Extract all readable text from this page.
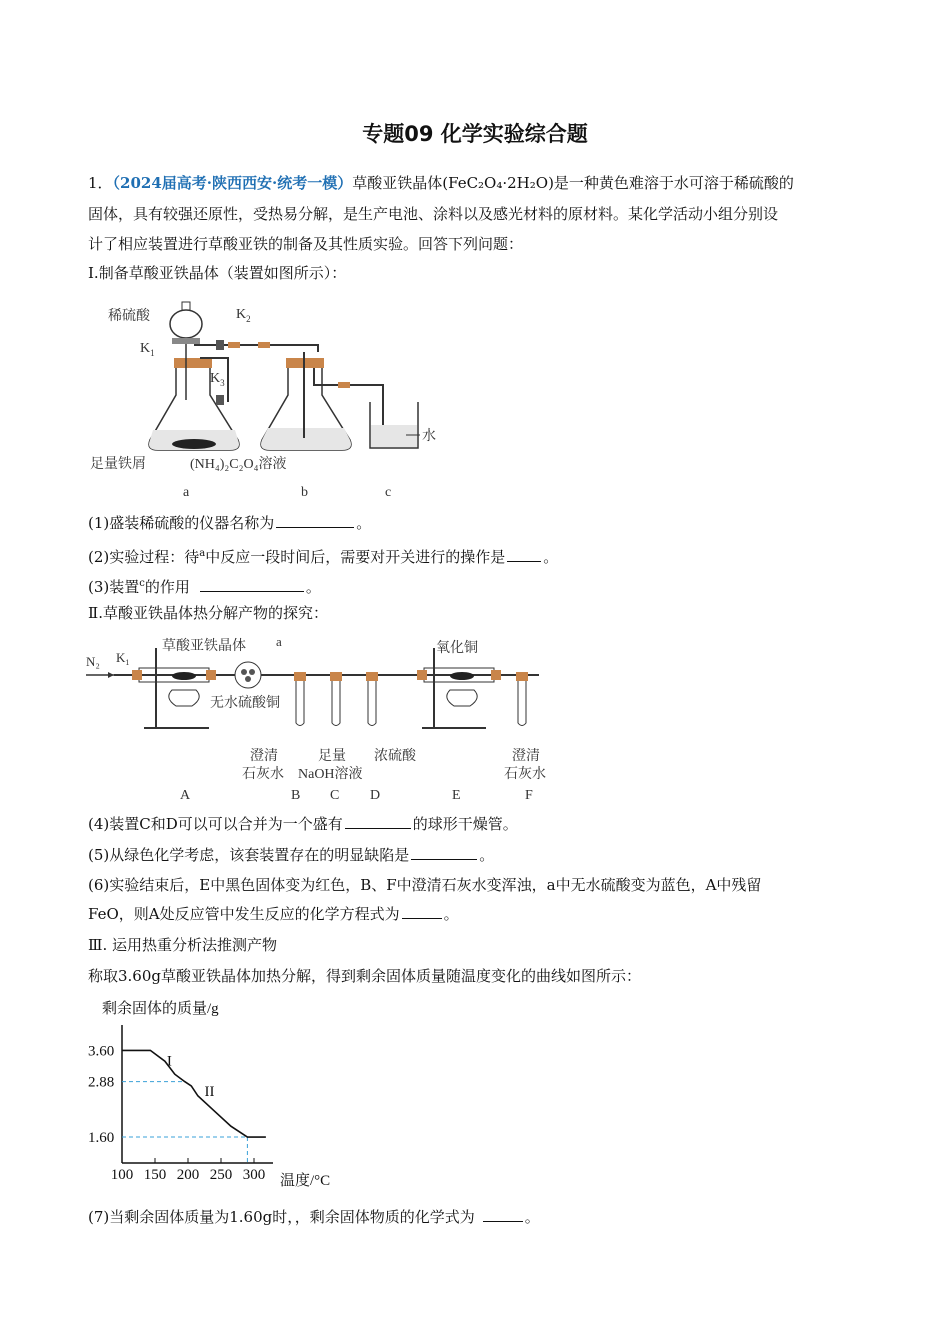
专题09 化学实验综合题
1．（2024届高考·陕西西安·统考一模）草酸亚铁晶体(FeC₂O₄·2H₂O)是一种黄色难溶于水可溶于稀硫酸的
固体，具有较强还原性，受热易分解，是生产电池、涂料以及感光材料的原材料。某化学活动小组分别设
计了相应装置进行草酸亚铁的制备及其性质实验。回答下列问题：
I.制备草酸亚铁晶体（装置如图所示）：
稀硫酸	$K_2$
$K_1$
$K_3$
足量铁屑	(NH₄)₂C₂O₄溶液
水
a	b	c
(1)盛装稀硫酸的仪器名称为	。
(2)实验过程：待$^a$中反应一段时间后，需要对开关进行的操作是	。
(3)装置$^c$的作用	。
Ⅱ.草酸亚铁晶体热分解产物的探究：
N₂ $K_1$
草酸亚铁晶体 a
无水硫酸铜
氧化铜
澄清
石灰水
足量
NaOH溶液
浓硫酸	澄清
石灰水
A	B C D	E	F
(4)装置C和D可以可以合并为一个盛有	的球形干燥管。
(5)从绿色化学考虑，该套装置存在的明显缺陷是	。
(6)实验结束后，E中黑色固体变为红色，B、F中澄清石灰水变浑浊，a中无水硫酸变为蓝色，A中残留
FeO，则A处反应管中发生反应的化学方程式为	。
Ⅲ. 运用热重分析法推测产物
称取3.60g草酸亚铁晶体加热分解，得到剩余固体质量随温度变化的曲线如图所示：
剩余固体的质量/g
温度/°C
100 150 200 250 300
3.60
2.88
1.60
I
II
(7)当剩余固体质量为1.60g时，，剩余固体物质的化学式为	。
